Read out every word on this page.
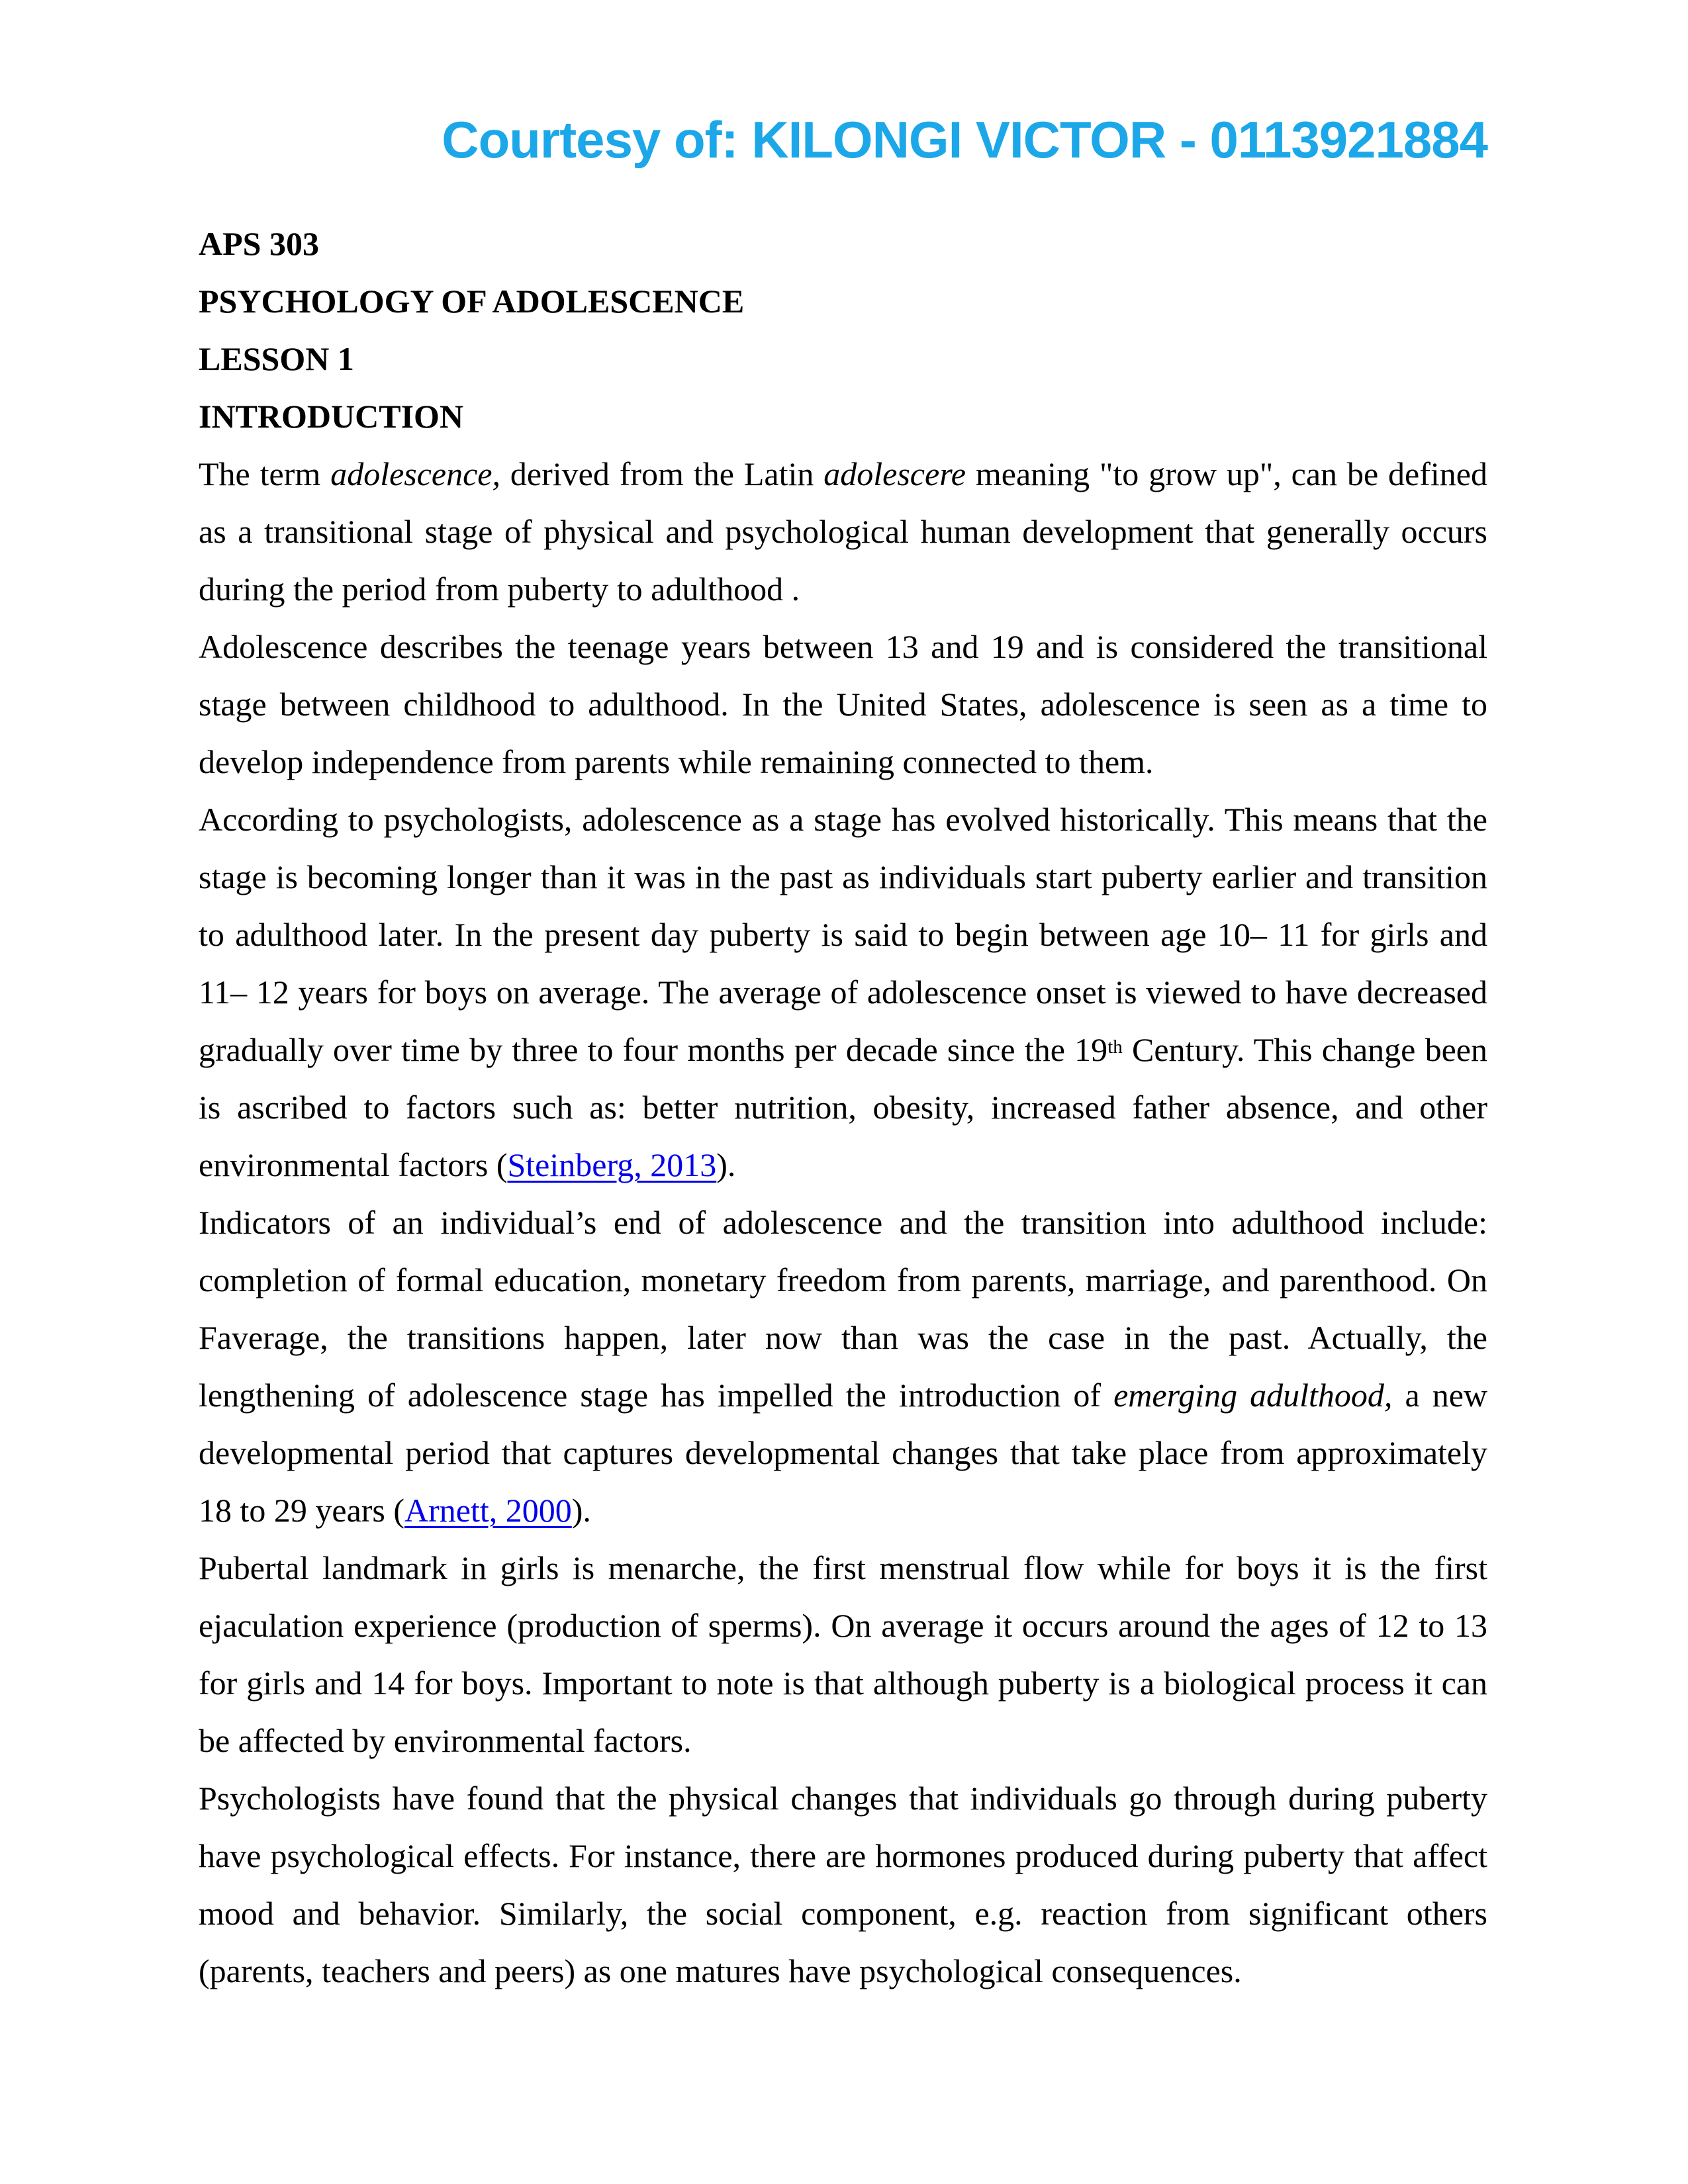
Courtesy of: KILONGI VICTOR - 0113921884
APS 303
PSYCHOLOGY OF ADOLESCENCE
LESSON 1
INTRODUCTION

The term adolescence, derived from the Latin adolescere meaning "to grow up", can be defined as a transitional stage of physical and psychological human development that generally occurs during the period from puberty to adulthood .

Adolescence describes the teenage years between 13 and 19 and is considered the transitional stage between childhood to adulthood. In the United States, adolescence is seen as a time to develop independence from parents while remaining connected to them.

According to psychologists, adolescence as a stage has evolved historically. This means that the stage is becoming longer than it was in the past as individuals start puberty earlier and transition to adulthood later. In the present day puberty is said to begin between age 10– 11 for girls and 11– 12 years for boys on average. The average of adolescence onset is viewed to have decreased gradually over time by three to four months per decade since the 19th Century. This change been is ascribed to factors such as: better nutrition, obesity, increased father absence, and other environmental factors (Steinberg, 2013).

Indicators of an individual’s end of adolescence and the transition into adulthood include: completion of formal education, monetary freedom from parents, marriage, and parenthood. On Faverage, the transitions happen, later now than was the case in the past. Actually, the lengthening of adolescence stage has impelled the introduction of emerging adulthood, a new developmental period that captures developmental changes that take place from approximately 18 to 29 years (Arnett, 2000).

Pubertal landmark in girls is menarche, the first menstrual flow while for boys it is the first ejaculation experience (production of sperms). On average it occurs around the ages of 12 to 13 for girls and 14 for boys. Important to note is that although puberty is a biological process it can be affected by environmental factors.

Psychologists have found that the physical changes that individuals go through during puberty have psychological effects. For instance, there are hormones produced during puberty that affect mood and behavior. Similarly, the social component, e.g. reaction from significant others (parents, teachers and peers) as one matures have psychological consequences.
